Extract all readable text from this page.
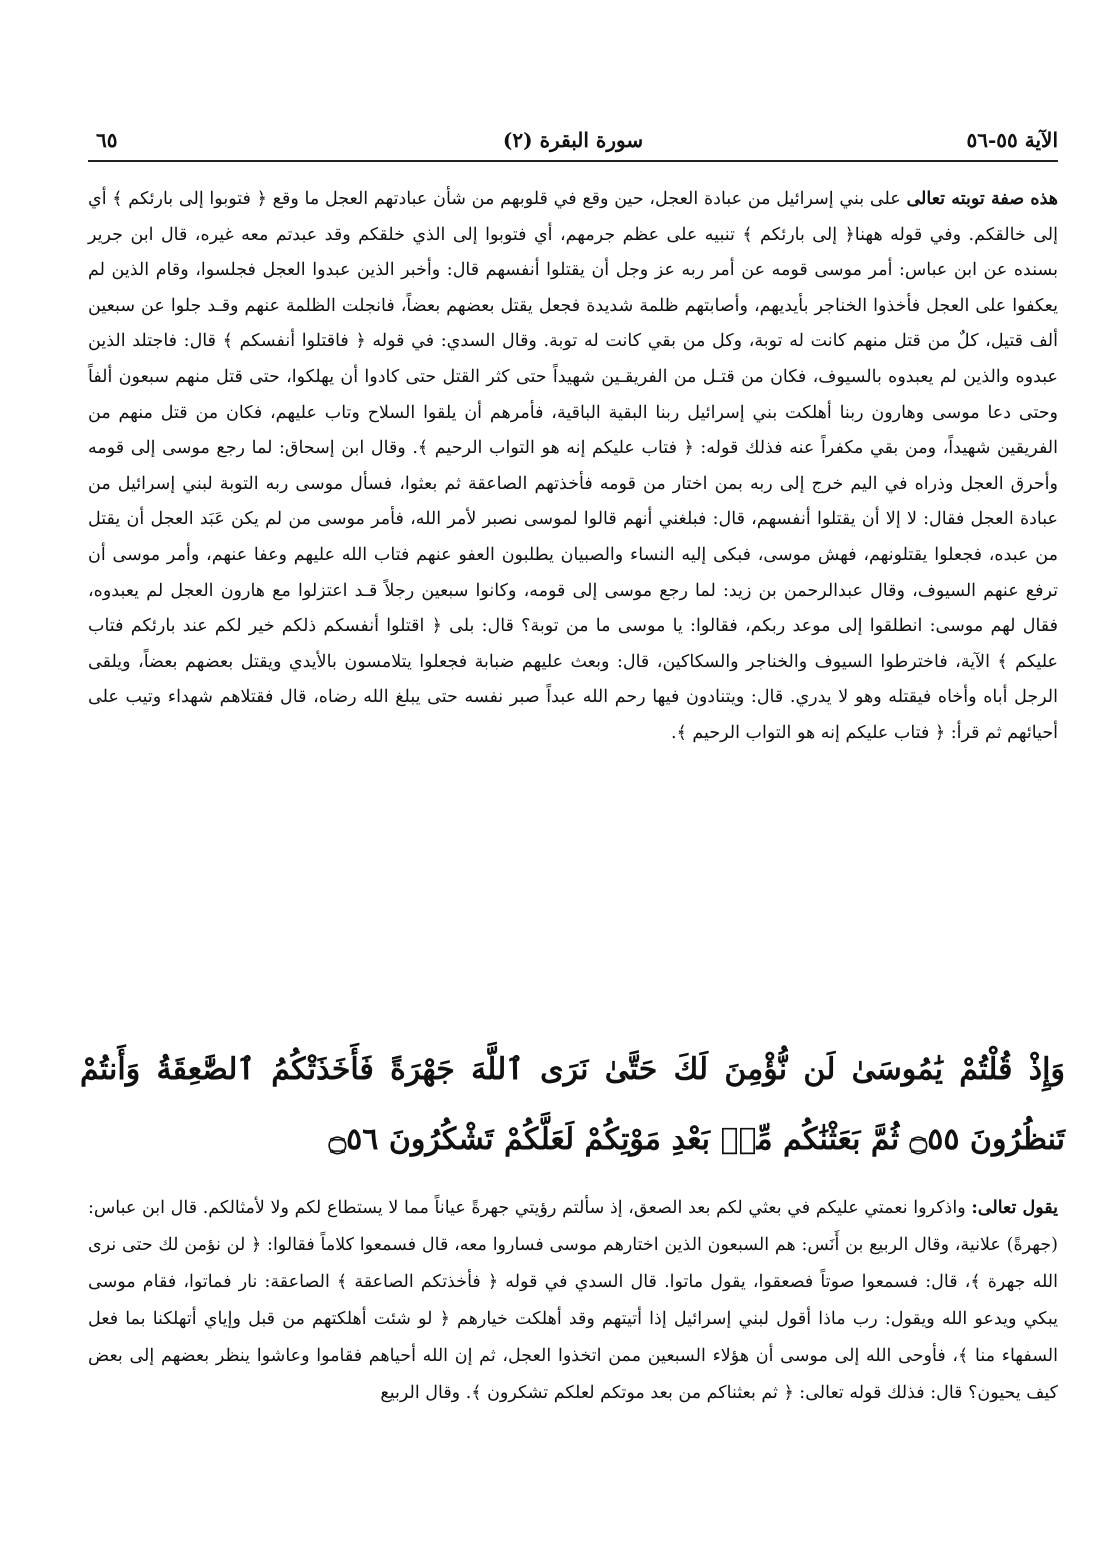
الآية ٥٥-٥٦
(٢) سورة البقرة
٦٥

هذه صفة توبته تعالى على بني إسرائيل من عبادة العجل، حين وقع في قلوبهم من شأن عبادتهم العجل ما وقع ﴿ فتوبوا إلى بارئكم ﴾ أي إلى خالقكم. وفي قوله ههنا﴿ إلى بارئكم ﴾ تنبيه على عظم جرمهم، أي فتوبوا إلى الذي خلقكم وقد عبدتم معه غيره، قال ابن جرير بسنده عن ابن عباس: أمر موسى قومه عن أمر ربه عز وجل أن يقتلوا أنفسهم قال: وأخبر الذين عبدوا العجل فجلسوا، وقام الذين لم يعكفوا على العجل فأخذوا الخناجر بأيديهم، وأصابتهم ظلمة شديدة فجعل يقتل بعضهم بعضاً، فانجلت الظلمة عنهم وقـد جلوا عن سبعين ألف قتيل، كلٌ من قتل منهم كانت له توبة، وكل من بقي كانت له توبة. وقال السدي: في قوله ﴿ فاقتلوا أنفسكم ﴾ قال: فاجتلد الذين عبدوه والذين لم يعبدوه بالسيوف، فكان من قتـل من الفريقـين شهيداً حتى كثر القتل حتى كادوا أن يهلكوا، حتى قتل منهم سبعون ألفاً وحتى دعا موسى وهارون ربنا أهلكت بني إسرائيل ربنا البقية الباقية، فأمرهم أن يلقوا السلاح وتاب عليهم، فكان من قتل منهم من الفريقين شهيداً، ومن بقي مكفراً عنه فذلك قوله: ﴿ فتاب عليكم إنه هو التواب الرحيم ﴾. وقال ابن إسحاق: لما رجع موسى إلى قومه وأحرق العجل وذراه في اليم خرج إلى ربه بمن اختار من قومه فأخذتهم الصاعقة ثم بعثوا، فسأل موسى ربه التوبة لبني إسرائيل من عبادة العجل فقال: لا إلا أن يقتلوا أنفسهم، قال: فبلغني أنهم قالوا لموسى نصبر لأمر الله، فأمر موسى من لم يكن عَبَد العجل أن يقتل من عبده، فجعلوا يقتلونهم، فهش موسى، فبكى إليه النساء والصبيان يطلبون العفو عنهم فتاب الله عليهم وعفا عنهم، وأمر موسى أن ترفع عنهم السيوف، وقال عبدالرحمن بن زيد: لما رجع موسى إلى قومه، وكانوا سبعين رجلاً قـد اعتزلوا مع هارون العجل لم يعبدوه، فقال لهم موسى: انطلقوا إلى موعد ربكم، فقالوا: يا موسى ما من توبة؟ قال: بلى ﴿ اقتلوا أنفسكم ذلكم خير لكم عند بارئكم فتاب عليكم ﴾ الآية، فاخترطوا السيوف والخناجر والسكاكين، قال: وبعث عليهم ضبابة فجعلوا يتلامسون بالأيدي ويقتل بعضهم بعضاً، ويلقى الرجل أباه وأخاه فيقتله وهو لا يدري. قال: ويتنادون فيها رحم الله عبداً صبر نفسه حتى يبلغ الله رضاه، قال فقتلاهم شهداء وتيب على أحيائهم ثم قرأ: ﴿ فتاب عليكم إنه هو التواب الرحيم ﴾.

وَإِذْ قُلْتُمْ يَٰمُوسَىٰ لَن نُّؤْمِنَ لَكَ حَتَّىٰ نَرَى ٱللَّهَ جَهْرَةً فَأَخَذَتْكُمُ ٱلصَّٰعِقَةُ وَأَنتُمْ تَنظُرُونَ ۝٥٥ ثُمَّ بَعَثْنَٰكُم مِّنۢ بَعْدِ مَوْتِكُمْ لَعَلَّكُمْ تَشْكُرُونَ ۝٥٦

يقول تعالى: واذكروا نعمتي عليكم في بعثي لكم بعد الصعق، إذ سألتم رؤيتي جهرةً عياناً مما لا يستطاع لكم ولا لأمثالكم. قال ابن عباس: (جهرةً) علانية، وقال الربيع بن أَنَس: هم السبعون الذين اختارهم موسى فساروا معه، قال فسمعوا كلاماً فقالوا: ﴿ لن نؤمن لك حتى نرى الله جهرة ﴾، قال: فسمعوا صوتاً فصعقوا، يقول ماتوا. قال السدي في قوله ﴿ فأخذتكم الصاعقة ﴾ الصاعقة: نار فماتوا، فقام موسى يبكي ويدعو الله ويقول: رب ماذا أقول لبني إسرائيل إذا أتيتهم وقد أهلكت خيارهم ﴿ لو شئت أهلكتهم من قبل وإياي أتهلكنا بما فعل السفهاء منا ﴾، فأوحى الله إلى موسى أن هؤلاء السبعين ممن اتخذوا العجل، ثم إن الله أحياهم فقاموا وعاشوا ينظر بعضهم إلى بعض كيف يحيون؟ قال: فذلك قوله تعالى: ﴿ ثم بعثناكم من بعد موتكم لعلكم تشكرون ﴾. وقال الربيع
